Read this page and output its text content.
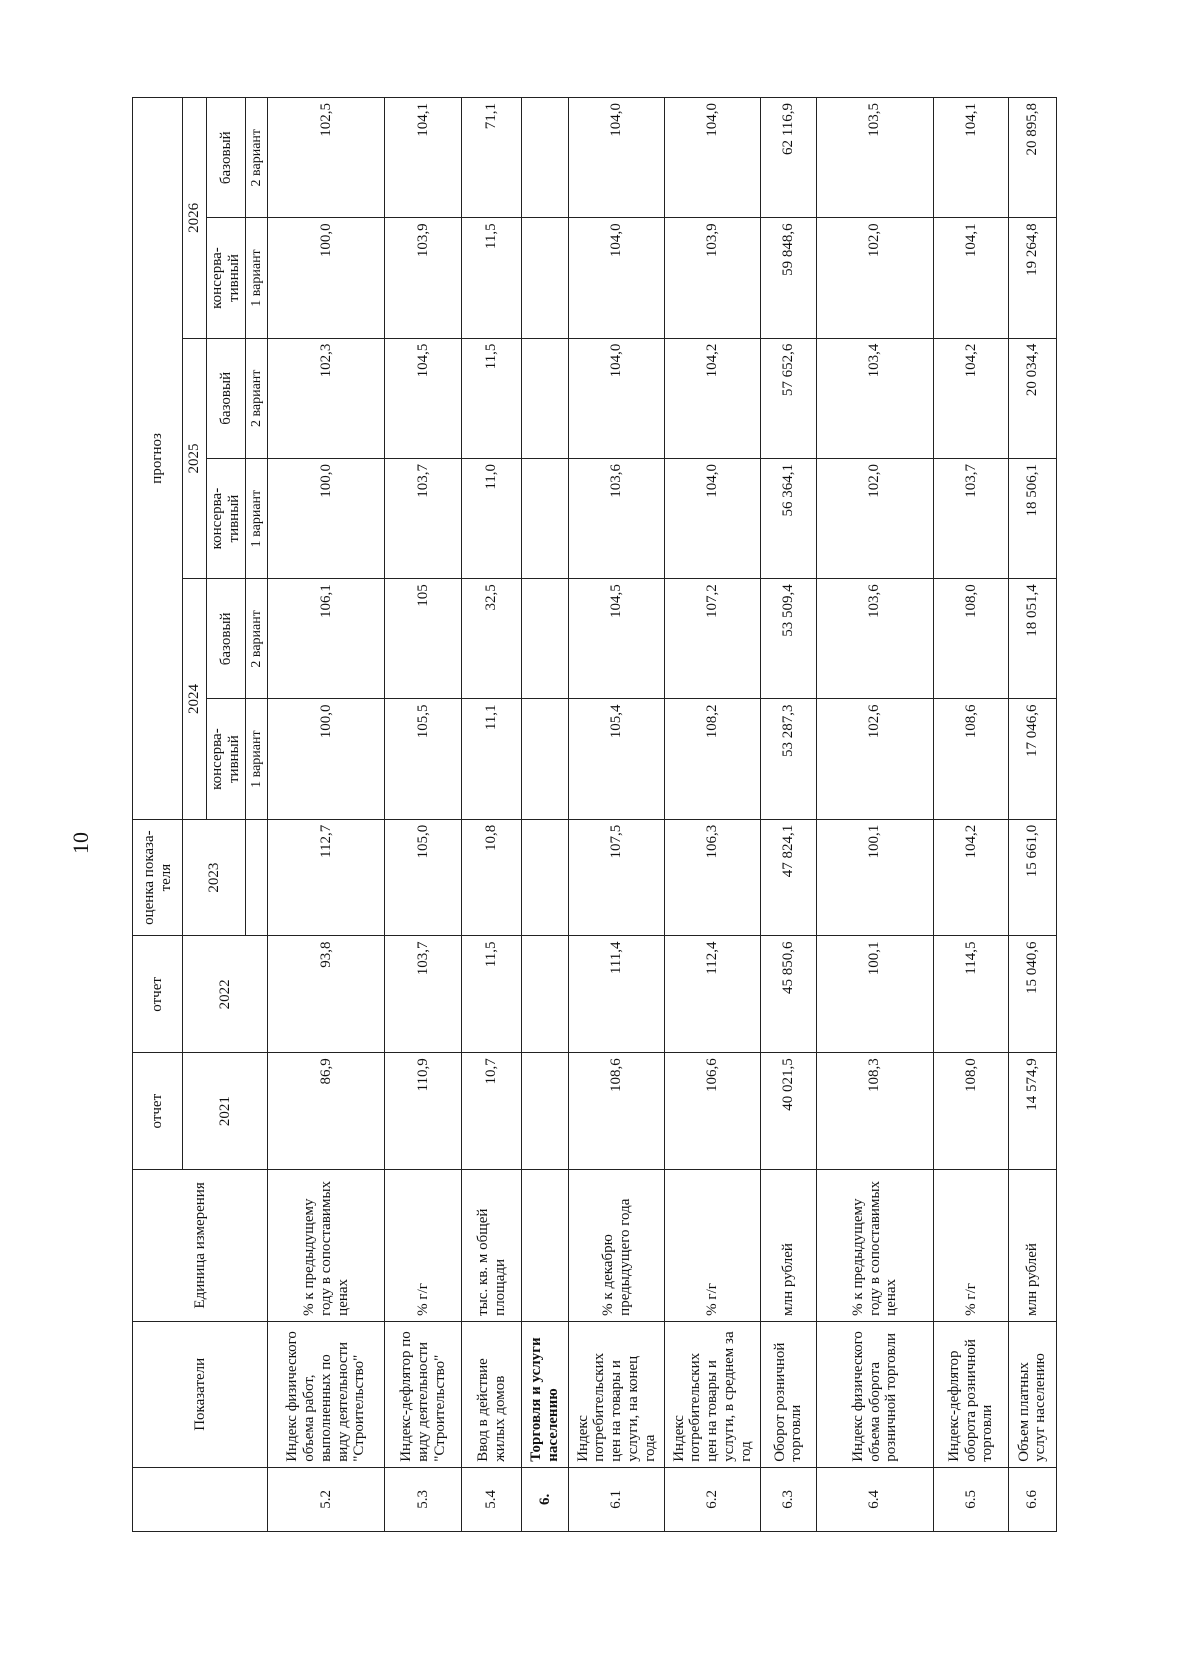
10
	Показатели	Единица измерения	отчет	отчет	оценка показа-теля	прогноз					
			2021	2022	2023	2024		2025		2026	
						консерва-тивный	базовый	консерва-тивный	базовый	консерва-тивный	базовый
						1 вариант	2 вариант	1 вариант	2 вариант	1 вариант	2 вариант
5.2	Индекс физического объема работ, выполненных по виду деятельности "Строительство"	% к предыдущему году в сопоставимых ценах	86,9	93,8	112,7	100,0	106,1	100,0	102,3	100,0	102,5
5.3	Индекс-дефлятор по виду деятельности "Строительство"	% г/г	110,9	103,7	105,0	105,5	105	103,7	104,5	103,9	104,1
5.4	Ввод в действие жилых домов	тыс. кв. м общей площади	10,7	11,5	10,8	11,1	32,5	11,0	11,5	11,5	71,1
6.	Торговля и услуги населению										
6.1	Индекс потребительских цен на товары и услуги, на конец года	% к декабрю предыдущего года	108,6	111,4	107,5	105,4	104,5	103,6	104,0	104,0	104,0
6.2	Индекс потребительских цен на товары и услуги, в среднем за год	% г/г	106,6	112,4	106,3	108,2	107,2	104,0	104,2	103,9	104,0
6.3	Оборот розничной торговли	млн рублей	40 021,5	45 850,6	47 824,1	53 287,3	53 509,4	56 364,1	57 652,6	59 848,6	62 116,9
6.4	Индекс физического объема оборота розничной торговли	% к предыдущему году в сопоставимых ценах	108,3	100,1	100,1	102,6	103,6	102,0	103,4	102,0	103,5
6.5	Индекс-дефлятор оборота розничной торговли	% г/г	108,0	114,5	104,2	108,6	108,0	103,7	104,2	104,1	104,1
6.6	Объем платных услуг населению	млн рублей	14 574,9	15 040,6	15 661,0	17 046,6	18 051,4	18 506,1	20 034,4	19 264,8	20 895,8
